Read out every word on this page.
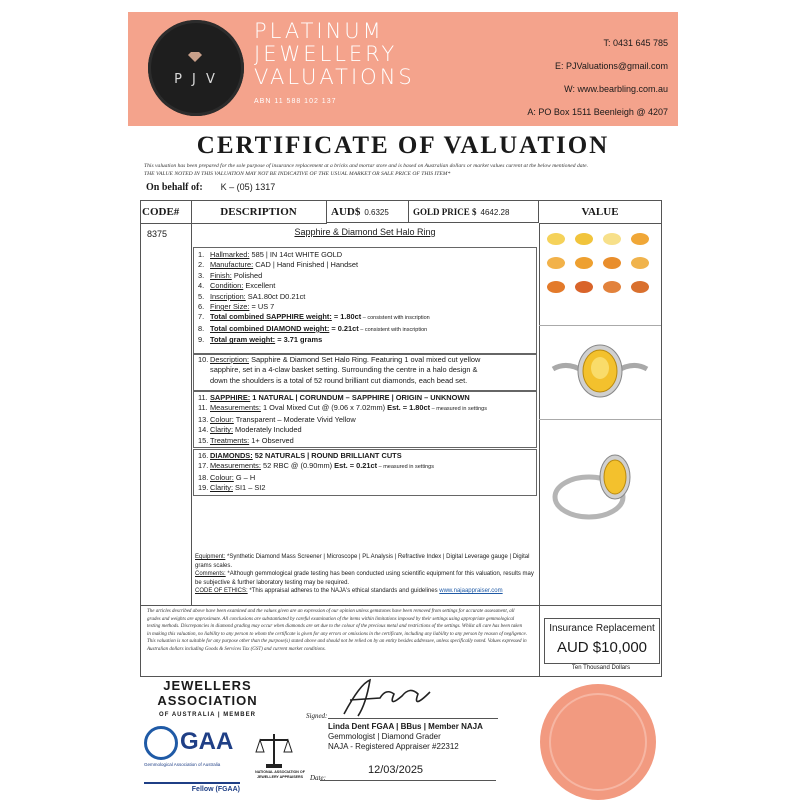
P J V
PLATINUM
JEWELLERY
VALUATIONS
ABN 11 588 102 137
T: 0431 645 785
E: PJValuations@gmail.com
W: www.bearbling.com.au
A: PO Box 1511 Beenleigh @ 4207
CERTIFICATE OF VALUATION
This valuation has been prepared for the sole purpose of insurance replacement at a bricks and mortar store and is based on Australian dollars or market values current at the below mentioned date.
THE VALUE NOTED IN THIS VALUATION MAY NOT BE INDICATIVE OF THE USUAL MARKET OR SALE PRICE OF THIS ITEM*
On behalf of: K – (05) 1317
CODE#	DESCRIPTION	AUD$ 0.6325	GOLD PRICE $ 4642.28	VALUE
8375	Sapphire & Diamond Set Halo Ring
1. Hallmarked: 585 | IN 14ct WHITE GOLD
2. Manufacture: CAD | Hand Finished | Handset
3. Finish: Polished
4. Condition: Excellent
5. Inscription: SA1.80ct D0.21ct
6. Finger Size: = US 7
7. Total combined SAPPHIRE weight: = 1.80ct – consistent with inscription
8. Total combined DIAMOND weight: = 0.21ct – consistent with inscription
9. Total gram weight: = 3.71 grams
10. Description: Sapphire & Diamond Set Halo Ring. Featuring 1 oval mixed cut yellow
sapphire, set in a 4-claw basket setting. Surrounding the centre in a halo design &
down the shoulders is a total of 52 round brilliant cut diamonds, each bead set.
11. SAPPHIRE: 1 NATURAL | CORUNDUM – SAPPHIRE | ORIGIN – UNKNOWN
11. Measurements: 1 Oval Mixed Cut @ (9.06 x 7.02mm) Est. = 1.80ct – measured in settings
13. Colour: Transparent – Moderate Vivid Yellow
14. Clarity: Moderately Included
15. Treatments: 1+ Observed
16. DIAMONDS: 52 NATURALS | ROUND BRILLIANT CUTS
17. Measurements: 52 RBC @ (0.90mm) Est. = 0.21ct – measured in settings
18. Colour: G – H
19. Clarity: SI1 – SI2
Equipment: *Synthetic Diamond Mass Screener | Microscope | PL Analysis | Refractive Index | Digital Leverage gauge | Digital grams scales.
Comments: *Although gemmological grade testing has been conducted using scientific equipment for this valuation, results may be subjective & further laboratory testing may be required.
CODE OF ETHICS: *This appraisal adheres to the NAJA's ethical standards and guidelines www.najaappraiser.com
The articles described above have been examined and the values given are an expression of our opinion unless gemstones have been removed from settings for accurate assessment, all grades and weights are approximate. All conclusions are substantiated by careful examination of the items within limitations imposed by their settings using appropriate gemmological testing methods. Discrepancies in diamond grading may occur when diamonds are set due to the colour of the precious metal and restrictions of the settings. Whilst all care has been taken in making this valuation, no liability to any person to whom the certificate is given for any errors or omissions in the certificate, including any liability to any person by reason of negligence. This valuation is not suitable for any purpose other than the purpose(s) stated above and should not be relied on by an entity besides addressee, unless specifically noted. Values expressed in Australian dollars including Goods & Services Tax (GST) and current market conditions.
Insurance Replacement
AUD $10,000
Ten Thousand Dollars
JEWELLERS
ASSOCIATION
OF AUSTRALIA | MEMBER
GAA
Gemmological Association of Australia
Fellow (FGAA)
NATIONAL ASSOCIATION OF JEWELLERY APPRAISERS
Signed:
Linda Dent FGAA | BBus | Member NAJA
Gemmologist | Diamond Grader
NAJA - Registered Appraiser #22312
Date:
12/03/2025
